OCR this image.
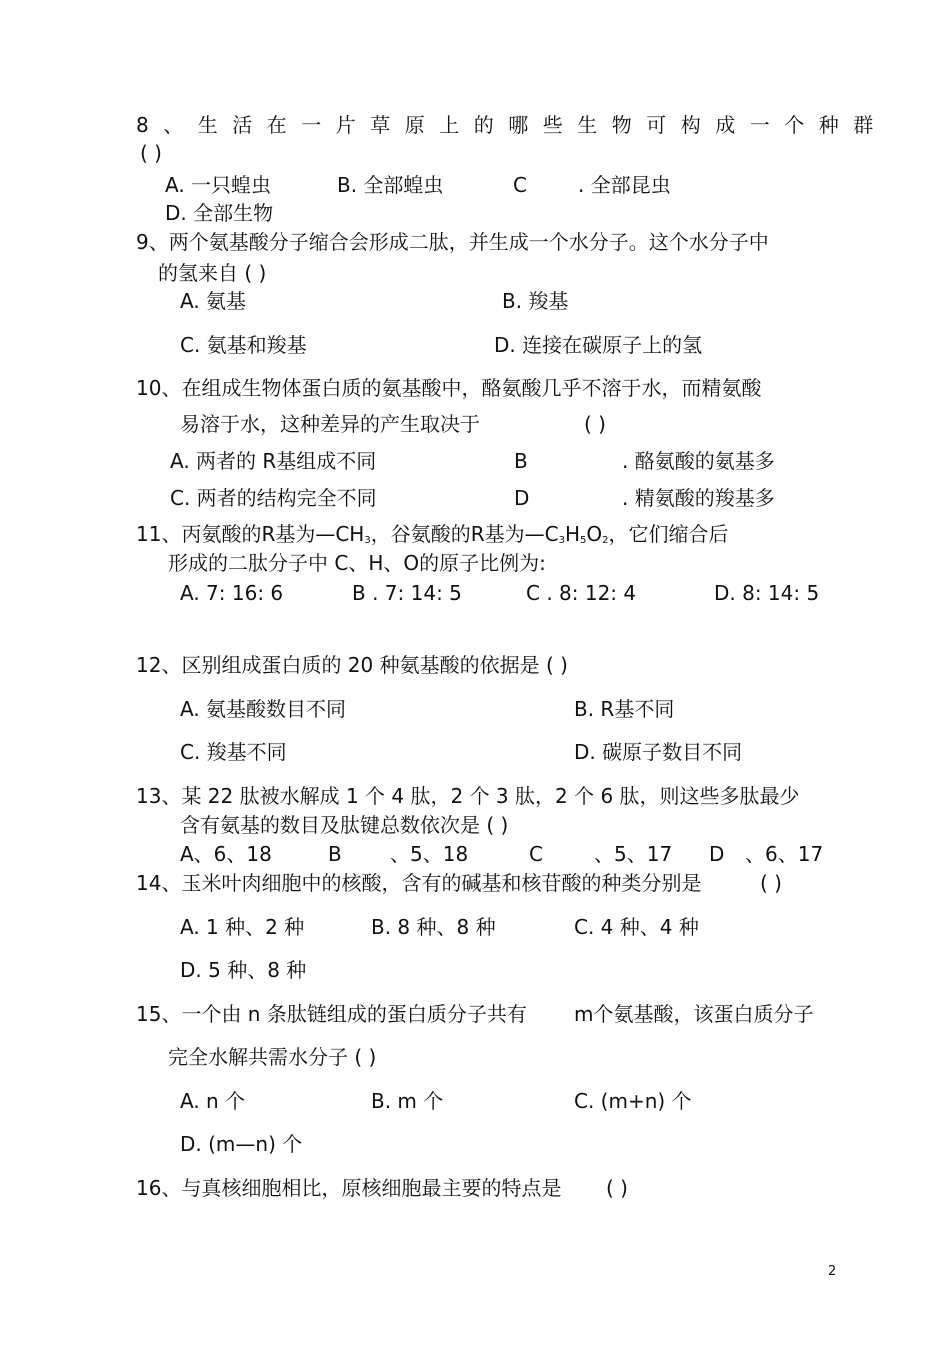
8、生活在一片草原上的哪些生物可构成一个种群
( )
A. 一只蝗虫	B. 全部蝗虫	C	. 全部昆虫
D. 全部生物
9、两个氨基酸分子缩合会形成二肽，并生成一个水分子。这个水分子中
的氢来自 ( )
A. 氨基	B. 羧基
C. 氨基和羧基	D. 连接在碳原子上的氢
10、在组成生物体蛋白质的氨基酸中，酪氨酸几乎不溶于水，而精氨酸
易溶于水，这种差异的产生取决于	( )
A. 两者的 R基组成不同	B	. 酪氨酸的氨基多
C. 两者的结构完全不同	D	. 精氨酸的羧基多
11、丙氨酸的R基为$—CH_3$，谷氨酸的R基为$—C_3H_5O_2$，它们缩合后
形成的二肽分子中 C、H、O的原子比例为:
A. 7: 16: 6	B . 7: 14: 5	C . 8: 12: 4	D. 8: 14: 5
12、区别组成蛋白质的 20 种氨基酸的依据是 ( )
A. 氨基酸数目不同	B. R基不同
C. 羧基不同	D. 碳原子数目不同
13、某 22 肽被水解成 1 个 4 肽，2 个 3 肽，2 个 6 肽，则这些多肽最少
含有氨基的数目及肽键总数依次是 ( )
A、6、18	B 、5、18	C	、5、17 D 、6、17
14、玉米叶肉细胞中的核酸，含有的碱基和核苷酸的种类分别是	( )
A. 1 种、2 种	B. 8 种、8 种	C. 4 种、4 种
D. 5 种、8 种
15、一个由 n 条肽链组成的蛋白质分子共有 m个氨基酸，该蛋白质分子
完全水解共需水分子 ( )
A. n 个	B. m 个	C. (m+n) 个
D. (m—n) 个
16、与真核细胞相比，原核细胞最主要的特点是 ( )
2
